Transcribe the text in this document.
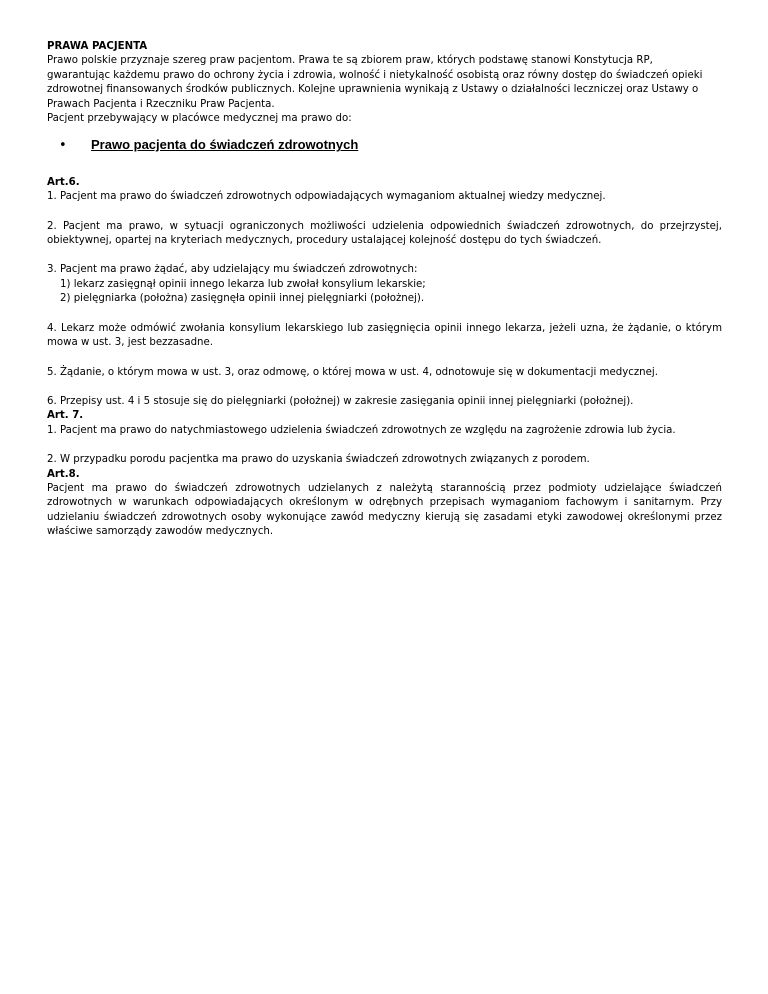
PRAWA PACJENTA

Prawo polskie przyznaje szereg praw pacjentom. Prawa te są zbiorem praw, których podstawę stanowi Konstytucja RP,

gwarantując każdemu prawo do ochrony życia i zdrowia, wolność i nietykalność osobistą oraz równy dostęp do świadczeń opieki

zdrowotnej finansowanych środków publicznych. Kolejne uprawnienia wynikają z Ustawy o działalności leczniczej oraz Ustawy o

Prawach Pacjenta i Rzeczniku Praw Pacjenta.

Pacjent przebywający w placówce medycznej ma prawo do:

•	Prawo pacjenta do świadczeń zdrowotnych

Art.6.

1. Pacjent ma prawo do świadczeń zdrowotnych odpowiadających wymaganiom aktualnej wiedzy medycznej.

2. Pacjent ma prawo, w sytuacji ograniczonych możliwości udzielenia odpowiednich świadczeń zdrowotnych, do przejrzystej, obiektywnej, opartej na kryteriach medycznych, procedury ustalającej kolejność dostępu do tych świadczeń.

3. Pacjent ma prawo żądać, aby udzielający mu świadczeń zdrowotnych:

1) lekarz zasięgnął opinii innego lekarza lub zwołał konsylium lekarskie;

2) pielęgniarka (położna) zasięgnęła opinii innej pielęgniarki (położnej).

4. Lekarz może odmówić zwołania konsylium lekarskiego lub zasięgnięcia opinii innego lekarza, jeżeli uzna, że żądanie, o którym mowa w ust. 3, jest bezzasadne.

5. Żądanie, o którym mowa w ust. 3, oraz odmowę, o której mowa w ust. 4, odnotowuje się w dokumentacji medycznej.

6. Przepisy ust. 4 i 5 stosuje się do pielęgniarki (położnej) w zakresie zasięgania opinii innej pielęgniarki (położnej).

Art. 7.

1. Pacjent ma prawo do natychmiastowego udzielenia świadczeń zdrowotnych ze względu na zagrożenie zdrowia lub życia.

2. W przypadku porodu pacjentka ma prawo do uzyskania świadczeń zdrowotnych związanych z porodem.

Art.8.

Pacjent ma prawo do świadczeń zdrowotnych udzielanych z należytą starannością przez podmioty udzielające świadczeń zdrowotnych w warunkach odpowiadających określonym w odrębnych przepisach wymaganiom fachowym i sanitarnym. Przy udzielaniu świadczeń zdrowotnych osoby wykonujące zawód medyczny kierują się zasadami etyki zawodowej określonymi przez właściwe samorządy zawodów medycznych.
